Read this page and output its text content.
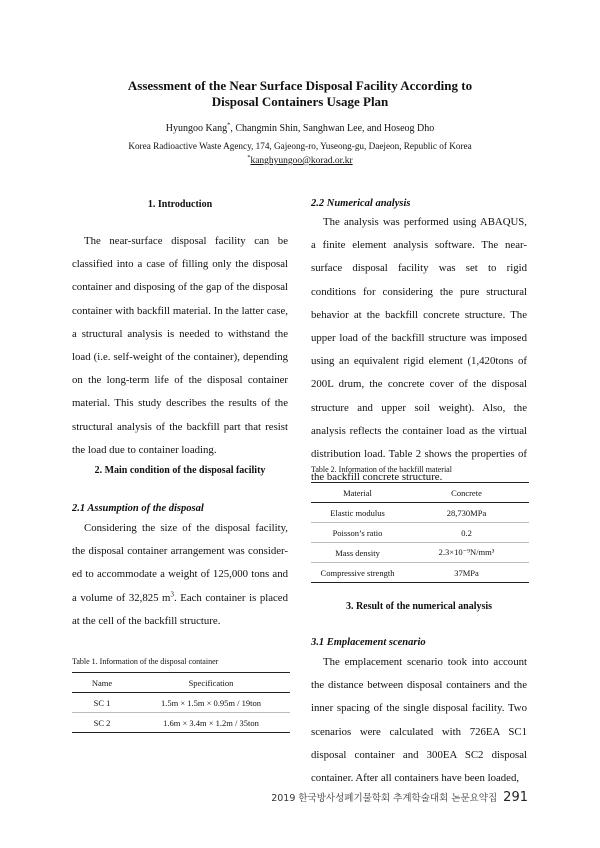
Assessment of the Near Surface Disposal Facility According to
Disposal Containers Usage Plan
Hyungoo Kang*, Changmin Shin, Sanghwan Lee, and Hoseog Dho
Korea Radioactive Waste Agency, 174, Gajeong-ro, Yuseong-gu, Daejeon, Republic of Korea
*kanghyungoo@korad.or.kr
1. Introduction
The near-surface disposal facility can be classified into a case of filling only the disposal container and disposing of the gap of the disposal container with backfill material. In the latter case, a structural analysis is needed to withstand the load (i.e. self-weight of the container), depending on the long-term life of the disposal container material. This study describes the results of the structural analysis of the backfill part that resist the load due to container loading.
2. Main condition of the disposal facility
2.1 Assumption of the disposal
Considering the size of the disposal facility, the disposal container arrangement was consider-ed to accommodate a weight of 125,000 tons and a volume of 32,825 $m^3$. Each container is placed at the cell of the backfill structure.
Table 1. Information of the disposal container
Name	Specification
SC 1	1.5m × 1.5m × 0.95m / 19ton
SC 2	1.6m × 3.4m × 1.2m / 35ton
2.2 Numerical analysis
The analysis was performed using ABAQUS, a finite element analysis software. The near-surface disposal facility was set to rigid conditions for considering the pure structural behavior at the backfill concrete structure. The upper load of the backfill structure was imposed using an equivalent rigid element (1,420tons of 200L drum, the concrete cover of the disposal structure and upper soil weight). Also, the analysis reflects the container load as the virtual distribution load. Table 2 shows the properties of the backfill concrete structure.
Table 2. Information of the backfill material
Material	Concrete
Elastic modulus	28,730MPa
Poisson’s ratio	0.2
Mass density	2.3×10⁻⁹N/mm³
Compressive strength	37MPa
3. Result of the numerical analysis
3.1 Emplacement scenario
The emplacement scenario took into account the distance between disposal containers and the inner spacing of the single disposal facility. Two scenarios were calculated with 726EA SC1 disposal container and 300EA SC2 disposal container. After all containers have been loaded,
2019 한국방사성폐기물학회 추계학술대회 논문요약집 291
